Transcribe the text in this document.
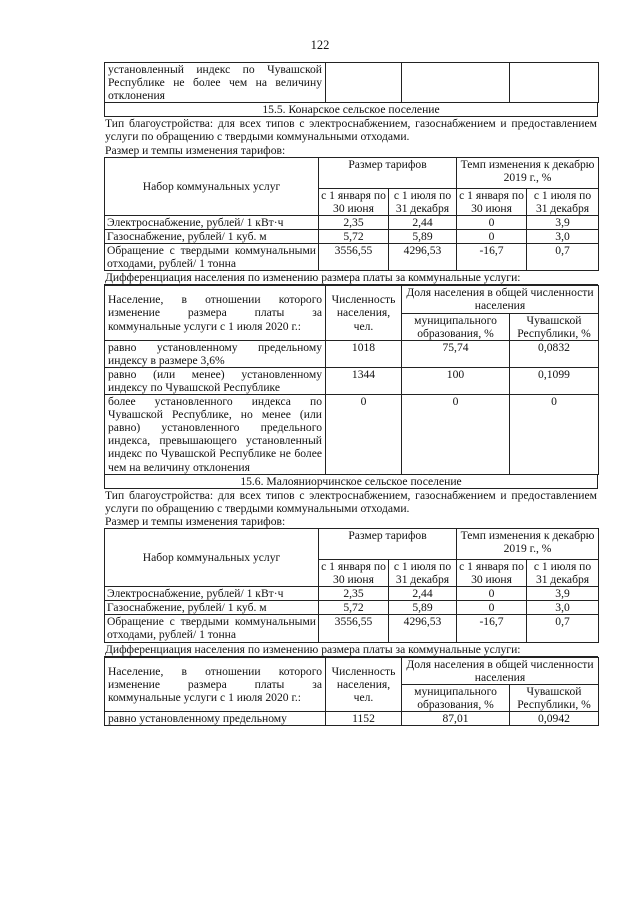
122
установленный индекс по Чувашской Республике не более чем на величину отклонения			
15.5. Конарское сельское поселение
Тип благоустройства: для всех типов с электроснабжением, газоснабжением и предоставлением услуги по обращению с твердыми коммунальными отходами.
Размер и темпы изменения тарифов:
Набор коммунальных услуг	Размер тарифов		Темп изменения к декабрю 2019 г., %	
	с 1 января по 30 июня	с 1 июля по 31 декабря	с 1 января по 30 июня	с 1 июля по 31 декабря
Электроснабжение, рублей/ 1 кВт·ч	2,35	2,44	0	3,9
Газоснабжение, рублей/ 1 куб. м	5,72	5,89	0	3,0
Обращение с твердыми коммунальными отходами, рублей/ 1 тонна	3556,55	4296,53	-16,7	0,7
Дифференциация населения по изменению размера платы за коммунальные услуги:
Население, в отношении которого изменение размера платы за коммунальные услуги с 1 июля 2020 г.:	Численность населения, чел.	Доля населения в общей численности населения	
		муниципального образования, %	Чувашской Республики, %
равно установленному предельному индексу в размере 3,6%	1018	75,74	0,0832
равно (или менее) установленному индексу по Чувашской Республике	1344	100	0,1099
более установленного индекса по Чувашской Республике, но менее (или равно) установленного предельного индекса, превышающего установленный индекс по Чувашской Республике не более чем на величину отклонения	0	0	0
15.6. Малояниорчинское сельское поселение
Тип благоустройства: для всех типов с электроснабжением, газоснабжением и предоставлением услуги по обращению с твердыми коммунальными отходами.
Размер и темпы изменения тарифов:
Набор коммунальных услуг	Размер тарифов		Темп изменения к декабрю 2019 г., %	
	с 1 января по 30 июня	с 1 июля по 31 декабря	с 1 января по 30 июня	с 1 июля по 31 декабря
Электроснабжение, рублей/ 1 кВт·ч	2,35	2,44	0	3,9
Газоснабжение, рублей/ 1 куб. м	5,72	5,89	0	3,0
Обращение с твердыми коммунальными отходами, рублей/ 1 тонна	3556,55	4296,53	-16,7	0,7
Дифференциация населения по изменению размера платы за коммунальные услуги:
Население, в отношении которого изменение размера платы за коммунальные услуги с 1 июля 2020 г.:	Численность населения, чел.	Доля населения в общей численности населения	
		муниципального образования, %	Чувашской Республики, %
равно установленному предельному	1152	87,01	0,0942
